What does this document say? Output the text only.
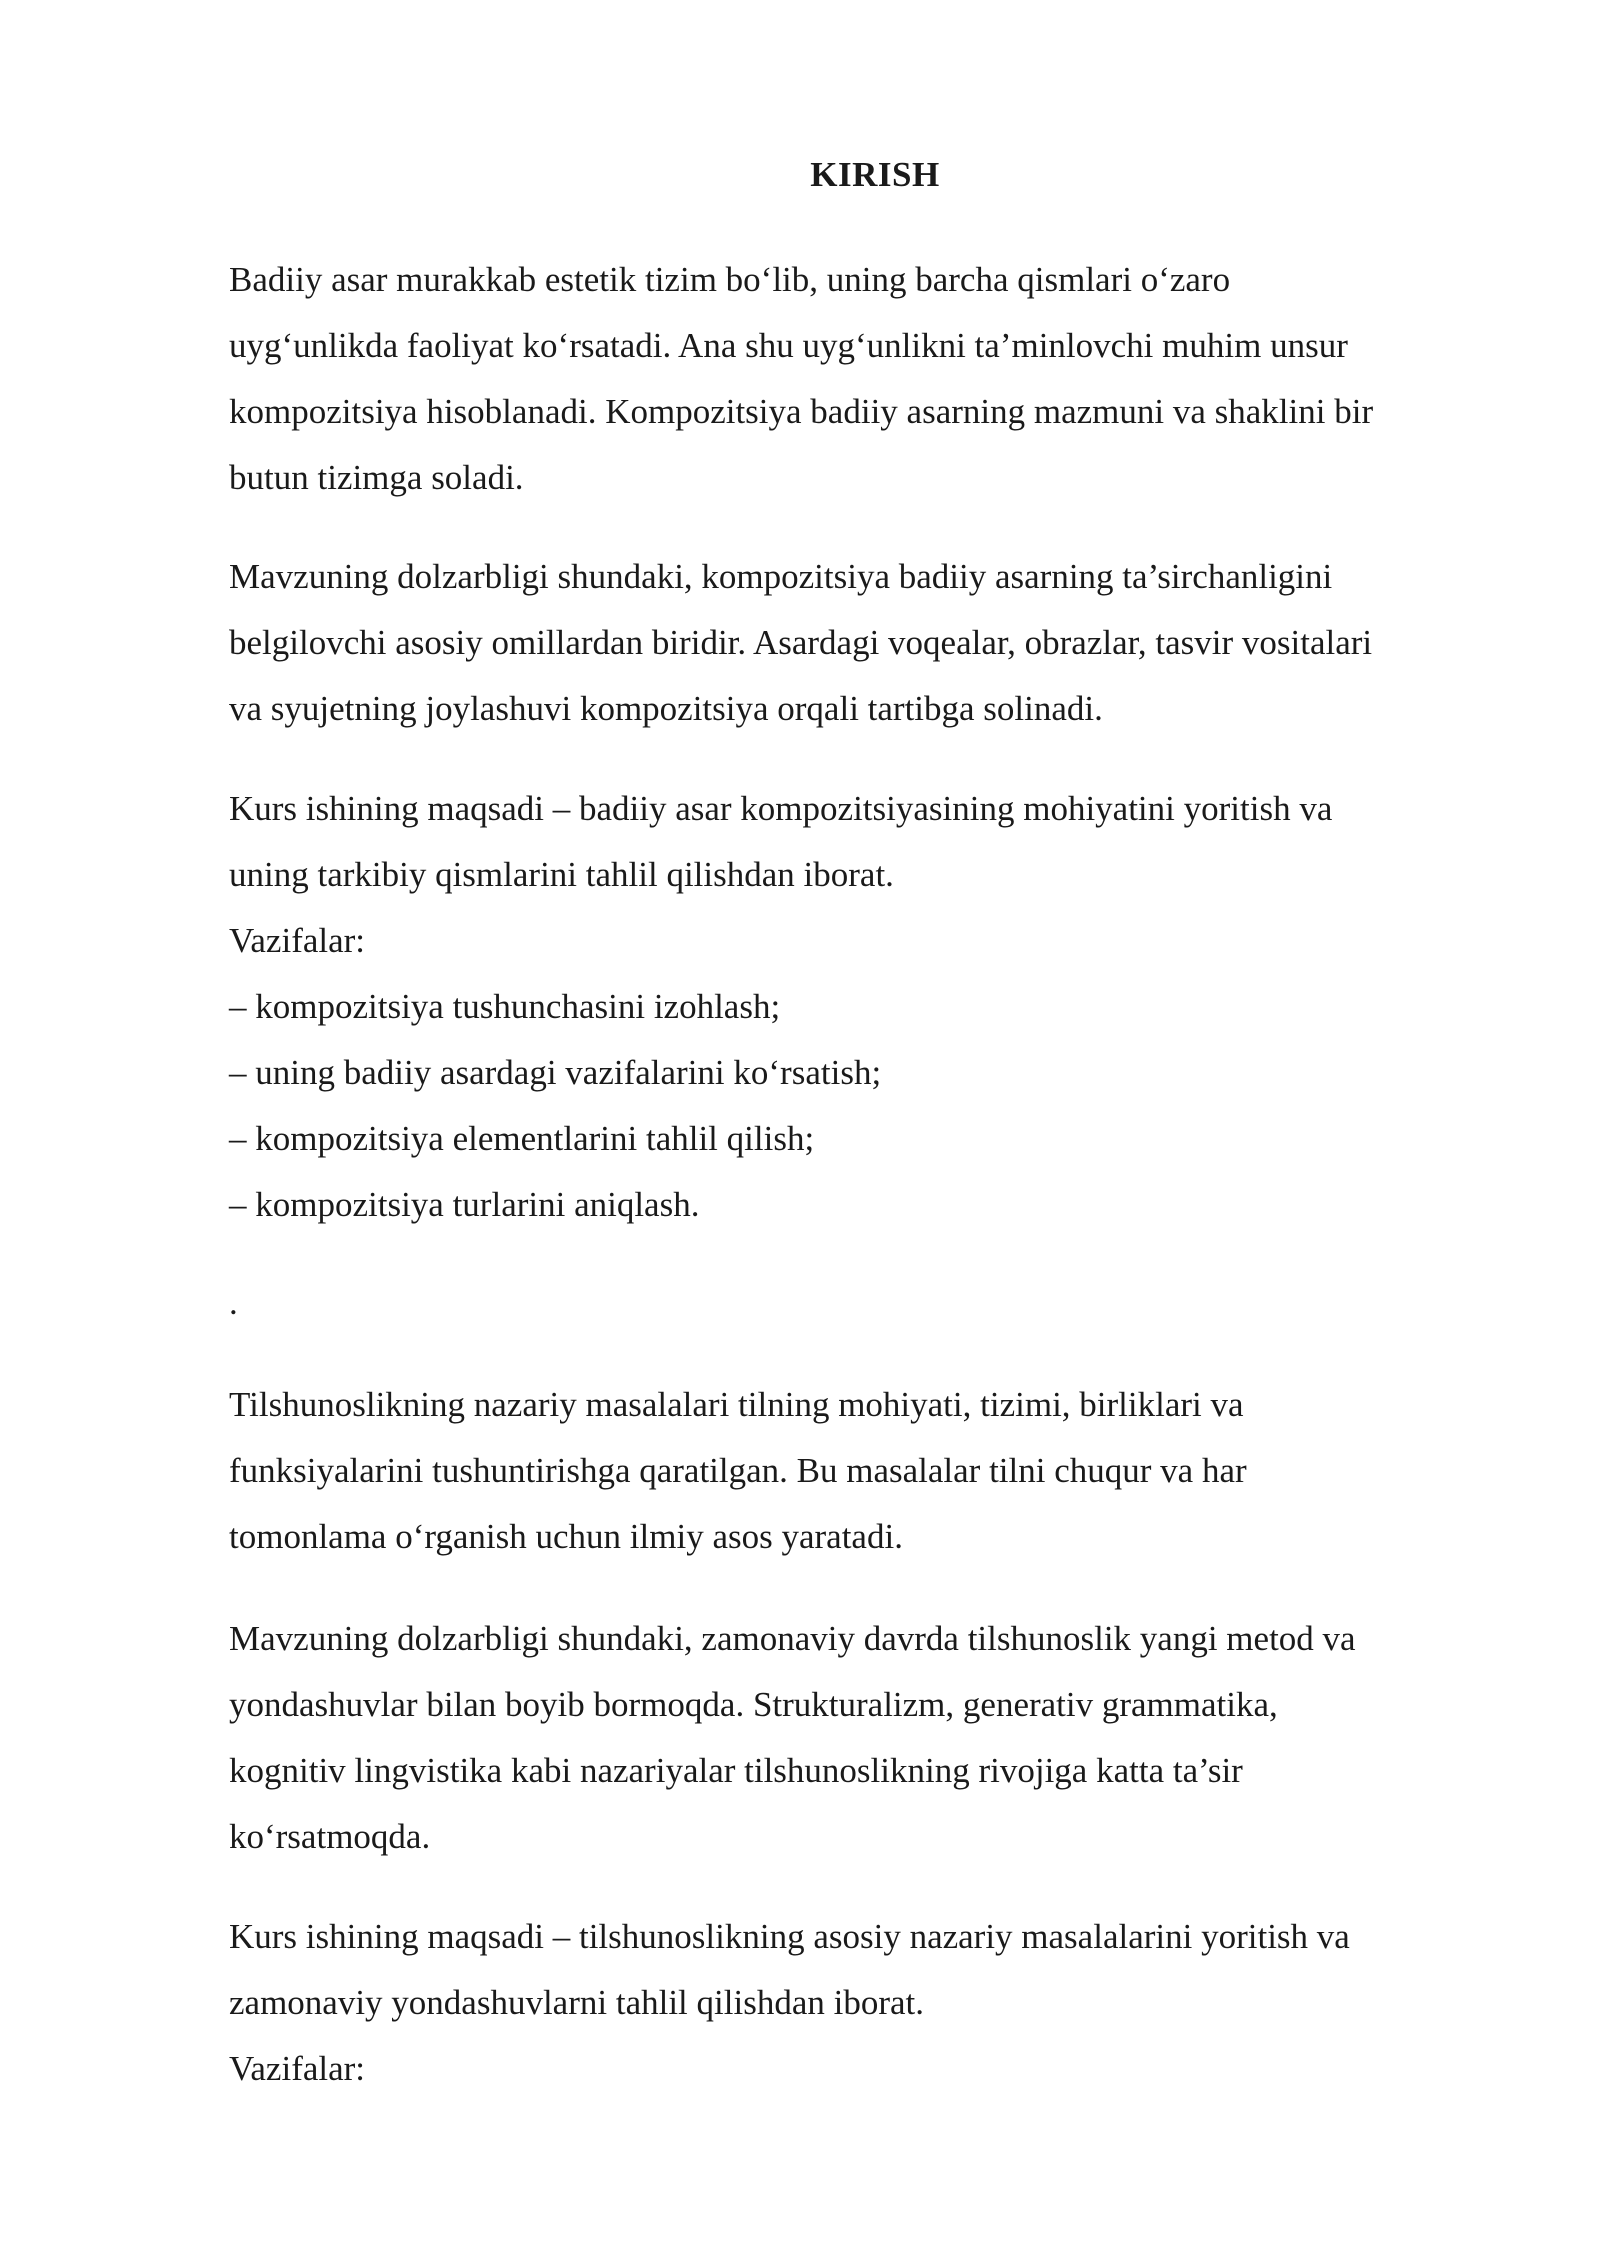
KIRISH
Badiiy asar murakkab estetik tizim bo‘lib, uning barcha qismlari o‘zaro
uyg‘unlikda faoliyat ko‘rsatadi. Ana shu uyg‘unlikni ta’minlovchi muhim unsur
kompozitsiya hisoblanadi. Kompozitsiya badiiy asarning mazmuni va shaklini bir
butun tizimga soladi.
Mavzuning dolzarbligi shundaki, kompozitsiya badiiy asarning ta’sirchanligini
belgilovchi asosiy omillardan biridir. Asardagi voqealar, obrazlar, tasvir vositalari
va syujetning joylashuvi kompozitsiya orqali tartibga solinadi.
Kurs ishining maqsadi – badiiy asar kompozitsiyasining mohiyatini yoritish va
uning tarkibiy qismlarini tahlil qilishdan iborat.
Vazifalar:
– kompozitsiya tushunchasini izohlash;
– uning badiiy asardagi vazifalarini ko‘rsatish;
– kompozitsiya elementlarini tahlil qilish;
– kompozitsiya turlarini aniqlash.
.
Tilshunoslikning nazariy masalalari tilning mohiyati, tizimi, birliklari va
funksiyalarini tushuntirishga qaratilgan. Bu masalalar tilni chuqur va har
tomonlama o‘rganish uchun ilmiy asos yaratadi.
Mavzuning dolzarbligi shundaki, zamonaviy davrda tilshunoslik yangi metod va
yondashuvlar bilan boyib bormoqda. Strukturalizm, generativ grammatika,
kognitiv lingvistika kabi nazariyalar tilshunoslikning rivojiga katta ta’sir
ko‘rsatmoqda.
Kurs ishining maqsadi – tilshunoslikning asosiy nazariy masalalarini yoritish va
zamonaviy yondashuvlarni tahlil qilishdan iborat.
Vazifalar:
